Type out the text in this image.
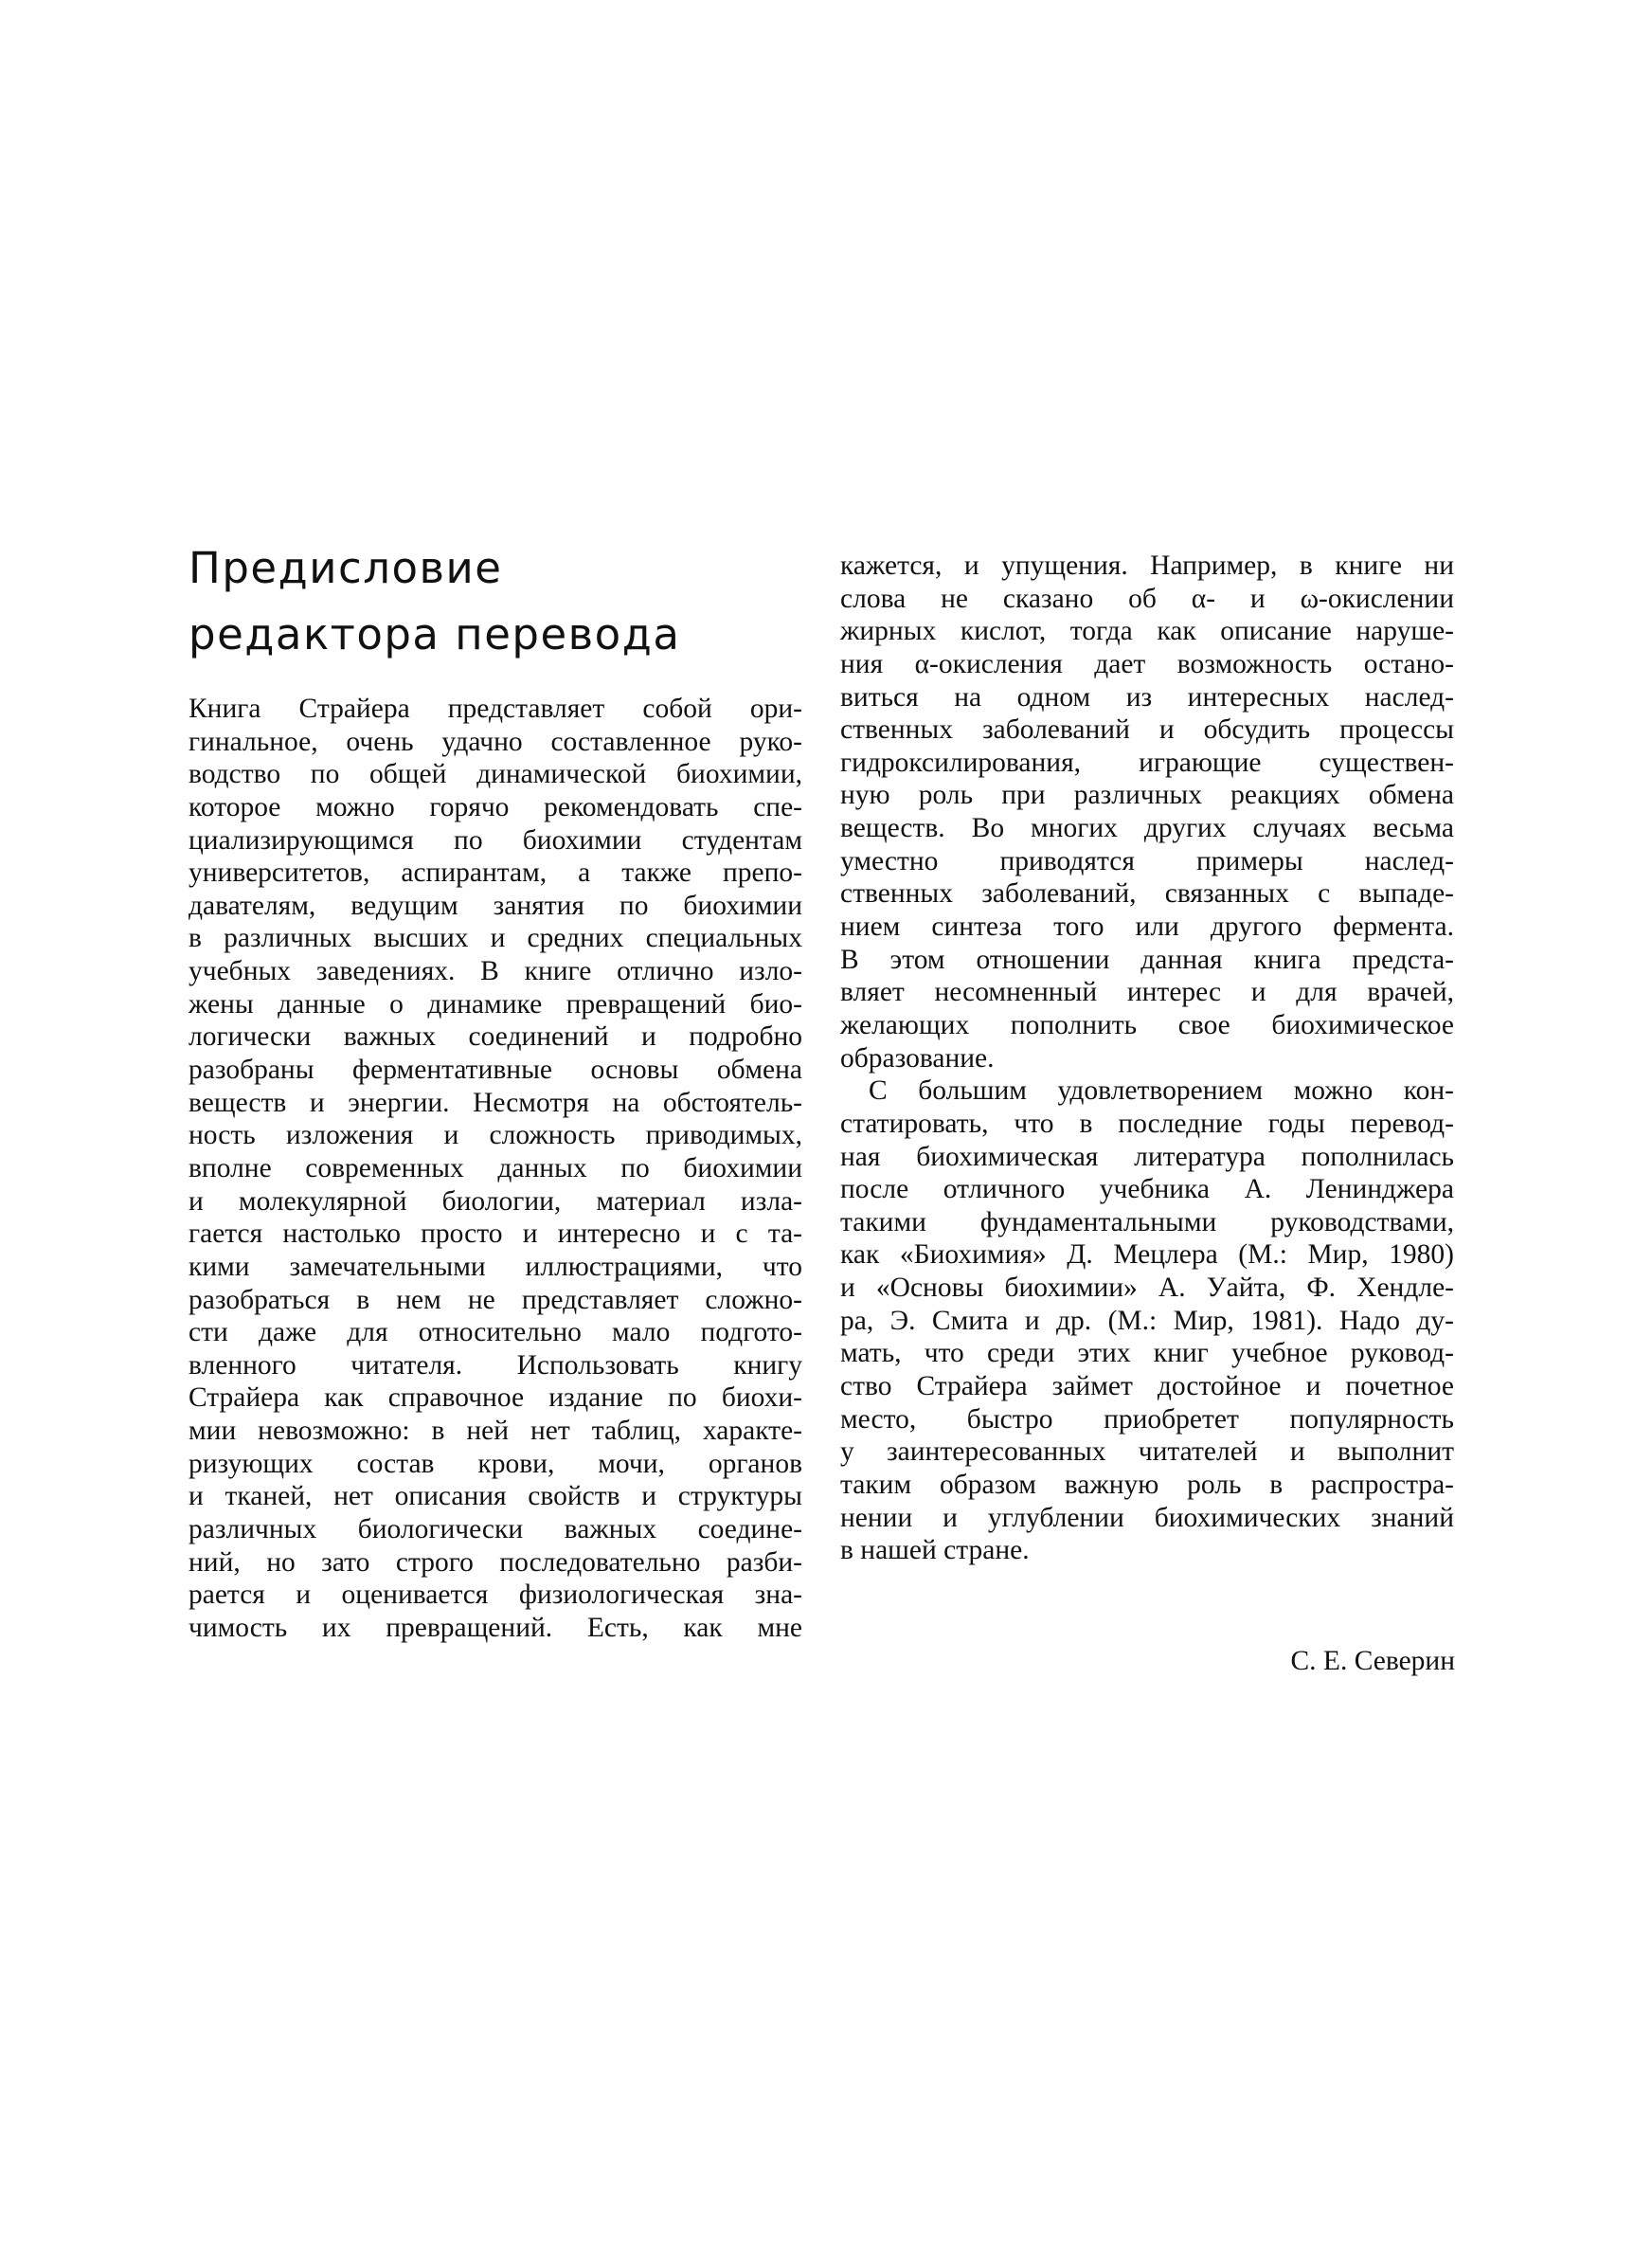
Предисловие
редактора перевода
Книга Страйера представляет собой ори-
гинальное, очень удачно составленное руко-
водство по общей динамической биохимии,
которое можно горячо рекомендовать спе-
циализирующимся по биохимии студентам
университетов, аспирантам, а также препо-
давателям, ведущим занятия по биохимии
в различных высших и средних специальных
учебных заведениях. В книге отлично изло-
жены данные о динамике превращений био-
логически важных соединений и подробно
разобраны ферментативные основы обмена
веществ и энергии. Несмотря на обстоятель-
ность изложения и сложность приводимых,
вполне современных данных по биохимии
и молекулярной биологии, материал изла-
гается настолько просто и интересно и с та-
кими замечательными иллюстрациями, что
разобраться в нем не представляет сложно-
сти даже для относительно мало подгото-
вленного читателя. Использовать книгу
Страйера как справочное издание по биохи-
мии невозможно: в ней нет таблиц, характе-
ризующих состав крови, мочи, органов
и тканей, нет описания свойств и структуры
различных биологически важных соедине-
ний, но зато строго последовательно разби-
рается и оценивается физиологическая зна-
чимость их превращений. Есть, как мне
кажется, и упущения. Например, в книге ни
слова не сказано об α- и ω-окислении
жирных кислот, тогда как описание наруше-
ния α-окисления дает возможность остано-
виться на одном из интересных наслед-
ственных заболеваний и обсудить процессы
гидроксилирования, играющие существен-
ную роль при различных реакциях обмена
веществ. Во многих других случаях весьма
уместно приводятся примеры наслед-
ственных заболеваний, связанных с выпаде-
нием синтеза того или другого фермента.
В этом отношении данная книга предста-
вляет несомненный интерес и для врачей,
желающих пополнить свое биохимическое
образование.
С большим удовлетворением можно кон-
статировать, что в последние годы перевод-
ная биохимическая литература пополнилась
после отличного учебника А. Ленинджера
такими фундаментальными руководствами,
как «Биохимия» Д. Мецлера (М.: Мир, 1980)
и «Основы биохимии» А. Уайта, Ф. Хендле-
ра, Э. Смита и др. (М.: Мир, 1981). Надо ду-
мать, что среди этих книг учебное руковод-
ство Страйера займет достойное и почетное
место, быстро приобретет популярность
у заинтересованных читателей и выполнит
таким образом важную роль в распростра-
нении и углублении биохимических знаний
в нашей стране.
С. Е. Северин
